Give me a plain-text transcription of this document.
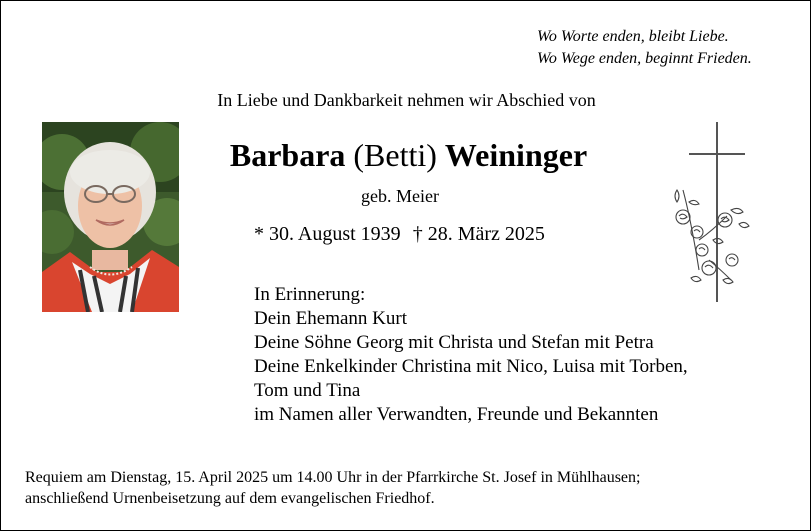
Wo Worte enden, bleibt Liebe.
Wo Wege enden, beginnt Frieden.
In Liebe und Dankbarkeit nehmen wir Abschied von
Barbara (Betti) Weininger
geb. Meier
* 30. August 1939 † 28. März 2025
In Erinnerung:
Dein Ehemann Kurt
Deine Söhne Georg mit Christa und Stefan mit Petra
Deine Enkelkinder Christina mit Nico, Luisa mit Torben,
Tom und Tina
im Namen aller Verwandten, Freunde und Bekannten
Requiem am Dienstag, 15. April 2025 um 14.00 Uhr in der Pfarrkirche St. Josef in Mühlhausen;
anschließend Urnenbeisetzung auf dem evangelischen Friedhof.
